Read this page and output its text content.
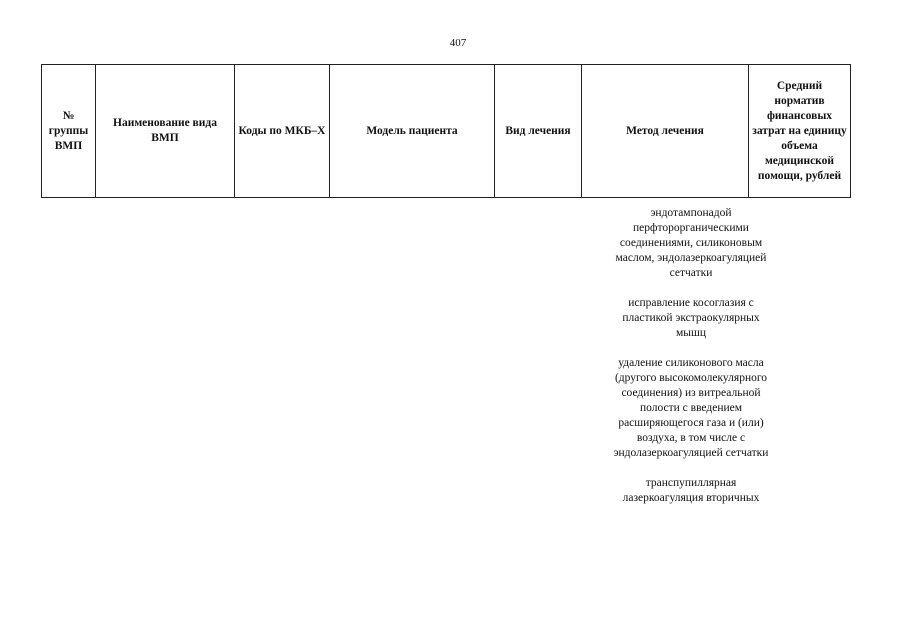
407
№ группы ВМП	Наименование вида ВМП	Коды по МКБ–Х	Модель пациента	Вид лечения	Метод лечения	Средний норматив финансовых затрат на единицу объема медицинской помощи, рублей

эндотампонадой перфторорганическими соединениями, силиконовым маслом, эндолазеркоагуляцией сетчатки

исправление косоглазия с пластикой экстраокулярных мышц

удаление силиконового масла (другого высокомолекулярного соединения) из витреальной полости с введением расширяющегося газа и (или) воздуха, в том числе с эндолазеркоагуляцией сетчатки

транспупиллярная лазеркоагуляция вторичных
